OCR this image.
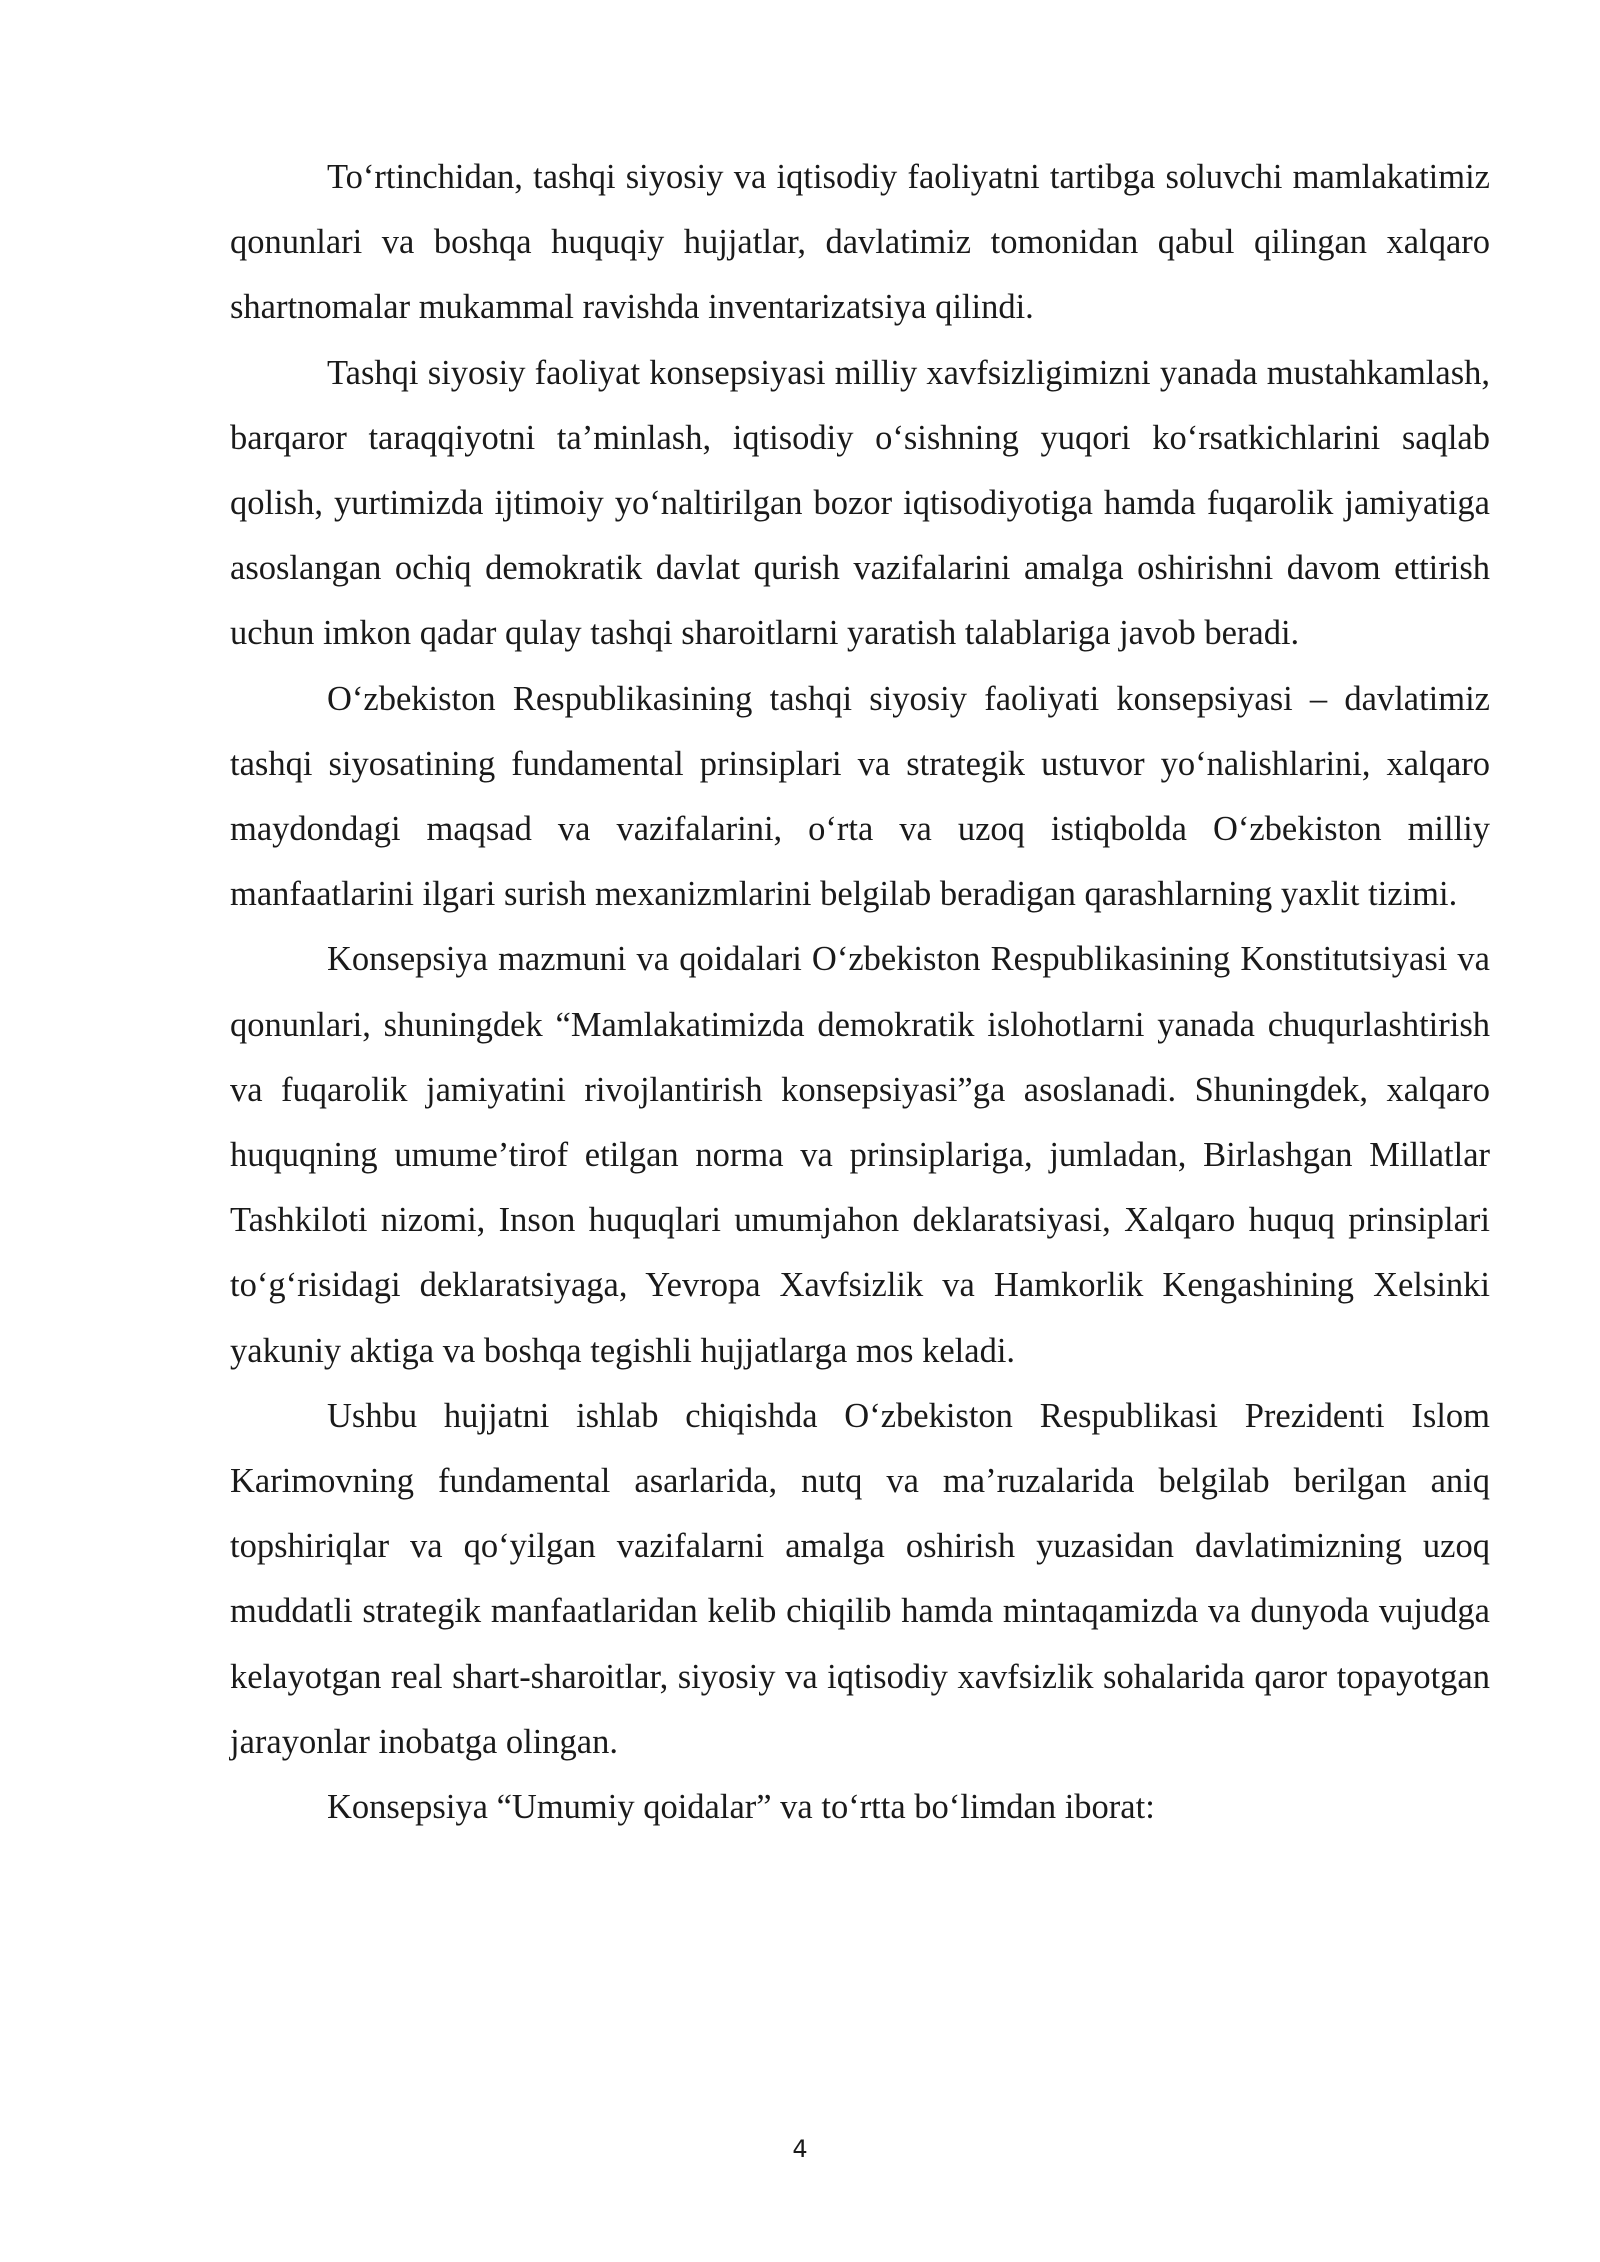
To‘rtinchidan, tashqi siyosiy va iqtisodiy faoliyatni tartibga soluvchi mamlakatimiz qonunlari va boshqa huquqiy hujjatlar, davlatimiz tomonidan qabul qilingan xalqaro shartnomalar mukammal ravishda inventarizatsiya qilindi.

Tashqi siyosiy faoliyat konsepsiyasi milliy xavfsizligimizni yanada mustahkamlash, barqaror taraqqiyotni ta’minlash, iqtisodiy o‘sishning yuqori ko‘rsatkichlarini saqlab qolish, yurtimizda ijtimoiy yo‘naltirilgan bozor iqtisodiyotiga hamda fuqarolik jamiyatiga asoslangan ochiq demokratik davlat qurish vazifalarini amalga oshirishni davom ettirish uchun imkon qadar qulay tashqi sharoitlarni yaratish talablariga javob beradi.

O‘zbekiston Respublikasining tashqi siyosiy faoliyati konsepsiyasi – davlatimiz tashqi siyosatining fundamental prinsiplari va strategik ustuvor yo‘nalishlarini, xalqaro maydondagi maqsad va vazifalarini, o‘rta va uzoq istiqbolda O‘zbekiston milliy manfaatlarini ilgari surish mexanizmlarini belgilab beradigan qarashlarning yaxlit tizimi.

Konsepsiya mazmuni va qoidalari O‘zbekiston Respublikasining Konstitutsiyasi va qonunlari, shuningdek “Mamlakatimizda demokratik islohotlarni yanada chuqurlashtirish va fuqarolik jamiyatini rivojlantirish konsepsiyasi”ga asoslanadi. Shuningdek, xalqaro huquqning umume’tirof etilgan norma va prinsiplariga, jumladan, Birlashgan Millatlar Tashkiloti nizomi, Inson huquqlari umumjahon deklaratsiyasi, Xalqaro huquq prinsiplari to‘g‘risidagi deklaratsiyaga, Yevropa Xavfsizlik va Hamkorlik Kengashining Xelsinki yakuniy aktiga va boshqa tegishli hujjatlarga mos keladi.

Ushbu hujjatni ishlab chiqishda O‘zbekiston Respublikasi Prezidenti Islom Karimovning fundamental asarlarida, nutq va ma’ruzalarida belgilab berilgan aniq topshiriqlar va qo‘yilgan vazifalarni amalga oshirish yuzasidan davlatimizning uzoq muddatli strategik manfaatlaridan kelib chiqilib hamda mintaqamizda va dunyoda vujudga kelayotgan real shart-sharoitlar, siyosiy va iqtisodiy xavfsizlik sohalarida qaror topayotgan jarayonlar inobatga olingan.

Konsepsiya “Umumiy qoidalar” va to‘rtta bo‘limdan iborat:

4
